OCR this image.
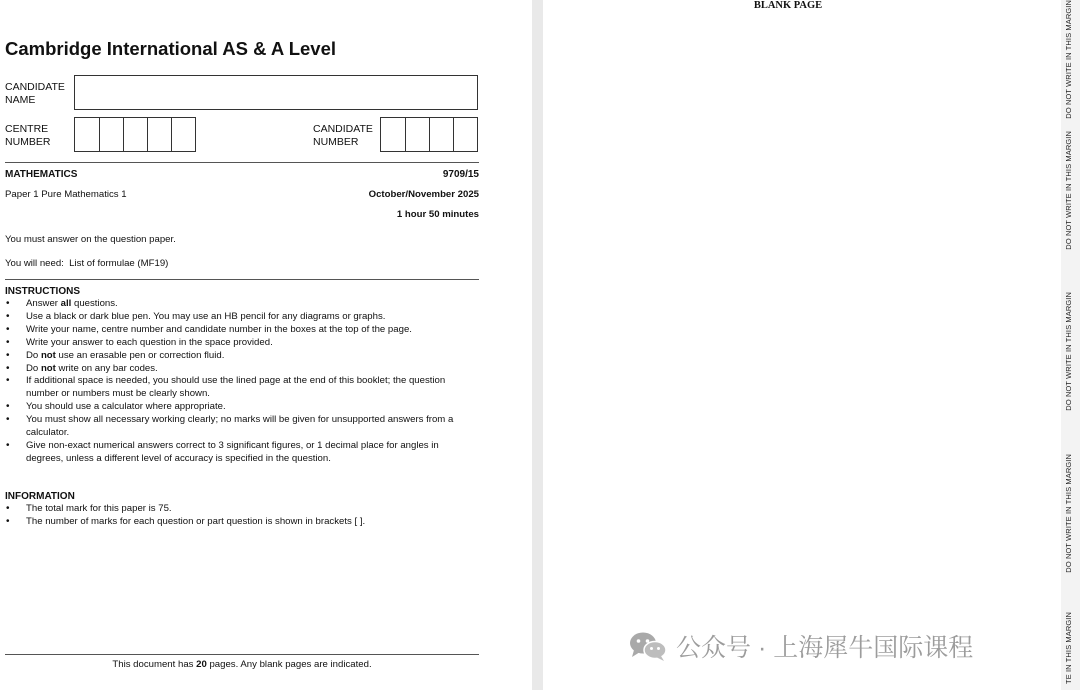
Cambridge International AS & A Level
CANDIDATE
NAME
CENTRE
NUMBER
CANDIDATE
NUMBER
MATHEMATICS	9709/15
Paper 1 Pure Mathematics 1	October/November 2025
1 hour 50 minutes
You must answer on the question paper.
You will need:  List of formulae (MF19)
INSTRUCTIONS
• Answer all questions.
• Use a black or dark blue pen. You may use an HB pencil for any diagrams or graphs.
• Write your name, centre number and candidate number in the boxes at the top of the page.
• Write your answer to each question in the space provided.
• Do not use an erasable pen or correction fluid.
• Do not write on any bar codes.
• If additional space is needed, you should use the lined page at the end of this booklet; the question number or numbers must be clearly shown.
• You should use a calculator where appropriate.
• You must show all necessary working clearly; no marks will be given for unsupported answers from a calculator.
• Give non-exact numerical answers correct to 3 significant figures, or 1 decimal place for angles in degrees, unless a different level of accuracy is specified in the question.
INFORMATION
• The total mark for this paper is 75.
• The number of marks for each question or part question is shown in brackets [ ].
This document has 20 pages. Any blank pages are indicated.
BLANK PAGE
公众号 · 上海犀牛国际课程
DO NOT WRITE IN THIS MARGIN
DO NOT WRITE IN THIS MARGIN
DO NOT WRITE IN THIS MARGIN
DO NOT WRITE IN THIS MARGIN
TE IN THIS MARGIN
